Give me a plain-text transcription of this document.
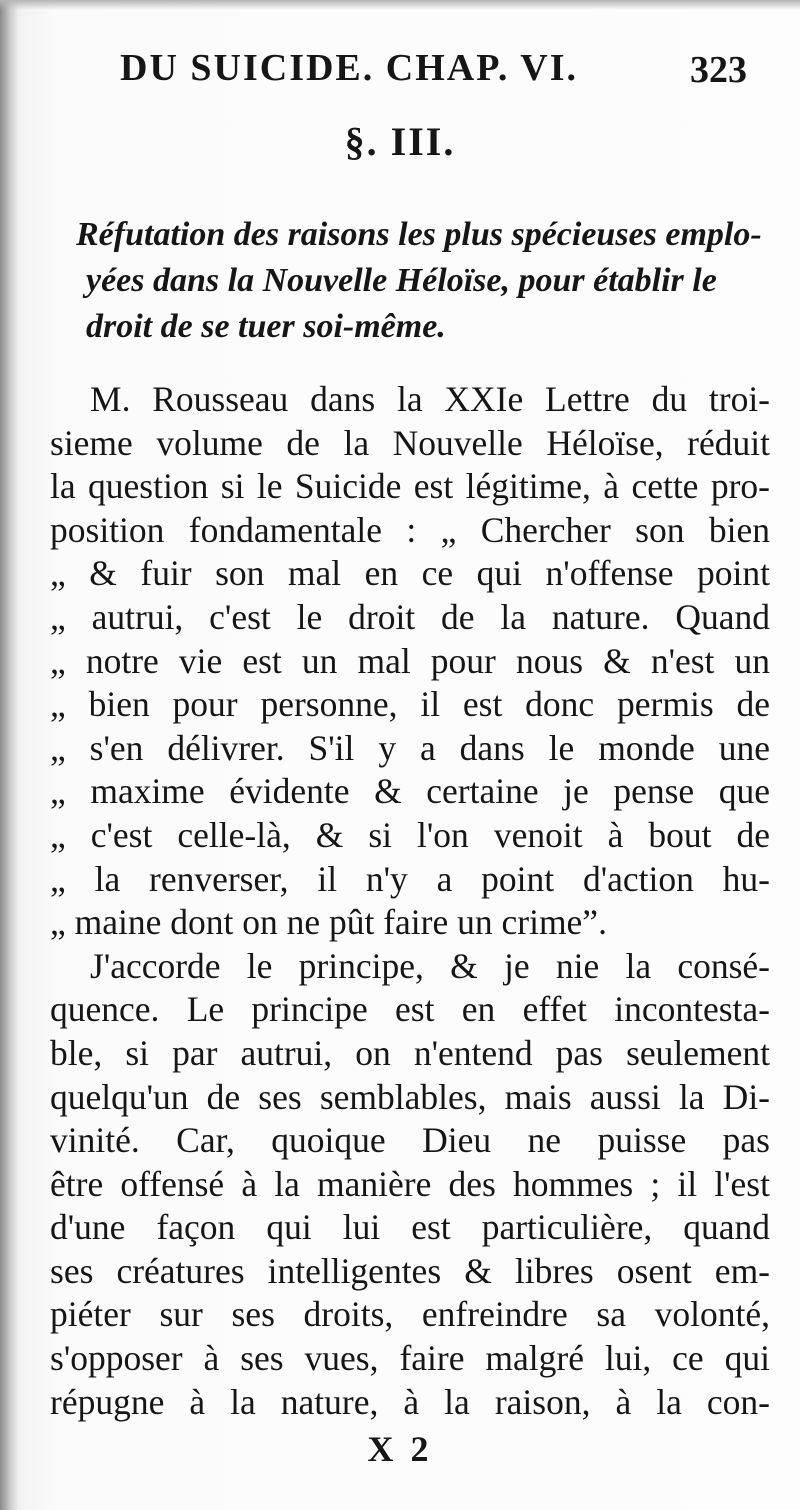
DU SUICIDE. CHAP. VI.	323
§. III.
Réfutation des raisons les plus spécieuses emplo-
yées dans la Nouvelle Héloïse, pour établir le
droit de se tuer soi-même.
M. Rousseau dans la XXIe Lettre du troi-
sieme volume de la Nouvelle Héloïse, réduit
la question si le Suicide est légitime, à cette pro-
position fondamentale : „ Chercher son bien
„ & fuir son mal en ce qui n'offense point
„ autrui, c'est le droit de la nature. Quand
„ notre vie est un mal pour nous & n'est un
„ bien pour personne, il est donc permis de
„ s'en délivrer. S'il y a dans le monde une
„ maxime évidente & certaine je pense que
„ c'est celle-là, & si l'on venoit à bout de
„ la renverser, il n'y a point d'action hu-
„ maine dont on ne pût faire un crime”.
J'accorde le principe, & je nie la consé-
quence. Le principe est en effet incontesta-
ble, si par autrui, on n'entend pas seulement
quelqu'un de ses semblables, mais aussi la Di-
vinité. Car, quoique Dieu ne puisse pas
être offensé à la manière des hommes ; il l'est
d'une façon qui lui est particulière, quand
ses créatures intelligentes & libres osent em-
piéter sur ses droits, enfreindre sa volonté,
s'opposer à ses vues, faire malgré lui, ce qui
répugne à la nature, à la raison, à la con-
X 2
